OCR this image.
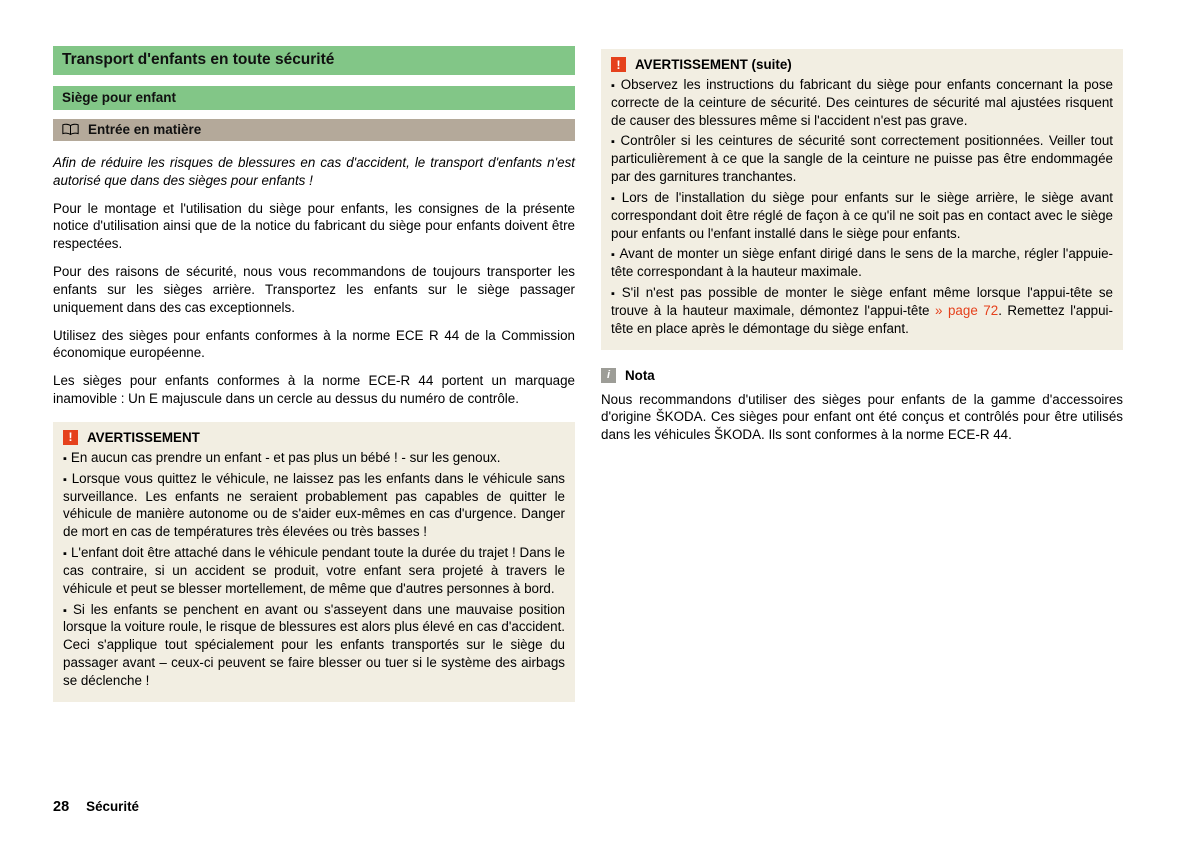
Transport d'enfants en toute sécurité
Siège pour enfant
Entrée en matière

Afin de réduire les risques de blessures en cas d'accident, le transport d'enfants n'est autorisé que dans des sièges pour enfants !

Pour le montage et l'utilisation du siège pour enfants, les consignes de la présente notice d'utilisation ainsi que de la notice du fabricant du siège pour enfants doivent être respectées.

Pour des raisons de sécurité, nous vous recommandons de toujours transporter les enfants sur les sièges arrière. Transportez les enfants sur le siège passager uniquement dans des cas exceptionnels.

Utilisez des sièges pour enfants conformes à la norme ECE R 44 de la Commission économique européenne.

Les sièges pour enfants conformes à la norme ECE-R 44 portent un marquage inamovible : Un E majuscule dans un cercle au dessus du numéro de contrôle.

! AVERTISSEMENT

▪ En aucun cas prendre un enfant - et pas plus un bébé ! - sur les genoux.

▪ Lorsque vous quittez le véhicule, ne laissez pas les enfants dans le véhicule sans surveillance. Les enfants ne seraient probablement pas capables de quitter le véhicule de manière autonome ou de s'aider eux-mêmes en cas d'urgence. Danger de mort en cas de températures très élevées ou très basses !

▪ L'enfant doit être attaché dans le véhicule pendant toute la durée du trajet ! Dans le cas contraire, si un accident se produit, votre enfant sera projeté à travers le véhicule et peut se blesser mortellement, de même que d'autres personnes à bord.

▪ Si les enfants se penchent en avant ou s'asseyent dans une mauvaise position lorsque la voiture roule, le risque de blessures est alors plus élevé en cas d'accident. Ceci s'applique tout spécialement pour les enfants transportés sur le siège du passager avant – ceux-ci peuvent se faire blesser ou tuer si le système des airbags se déclenche !

! AVERTISSEMENT (suite)

▪ Observez les instructions du fabricant du siège pour enfants concernant la pose correcte de la ceinture de sécurité. Des ceintures de sécurité mal ajustées risquent de causer des blessures même si l'accident n'est pas grave.

▪ Contrôler si les ceintures de sécurité sont correctement positionnées. Veiller tout particulièrement à ce que la sangle de la ceinture ne puisse pas être endommagée par des garnitures tranchantes.

▪ Lors de l'installation du siège pour enfants sur le siège arrière, le siège avant correspondant doit être réglé de façon à ce qu'il ne soit pas en contact avec le siège pour enfants ou l'enfant installé dans le siège pour enfants.

▪ Avant de monter un siège enfant dirigé dans le sens de la marche, régler l'appuie-tête correspondant à la hauteur maximale.

▪ S'il n'est pas possible de monter le siège enfant même lorsque l'appui-tête se trouve à la hauteur maximale, démontez l'appui-tête » page 72. Remettez l'appui-tête en place après le démontage du siège enfant.

i Nota

Nous recommandons d'utiliser des sièges pour enfants de la gamme d'accessoires d'origine ŠKODA. Ces sièges pour enfant ont été conçus et contrôlés pour être utilisés dans les véhicules ŠKODA. Ils sont conformes à la norme ECE-R 44.

28 Sécurité
